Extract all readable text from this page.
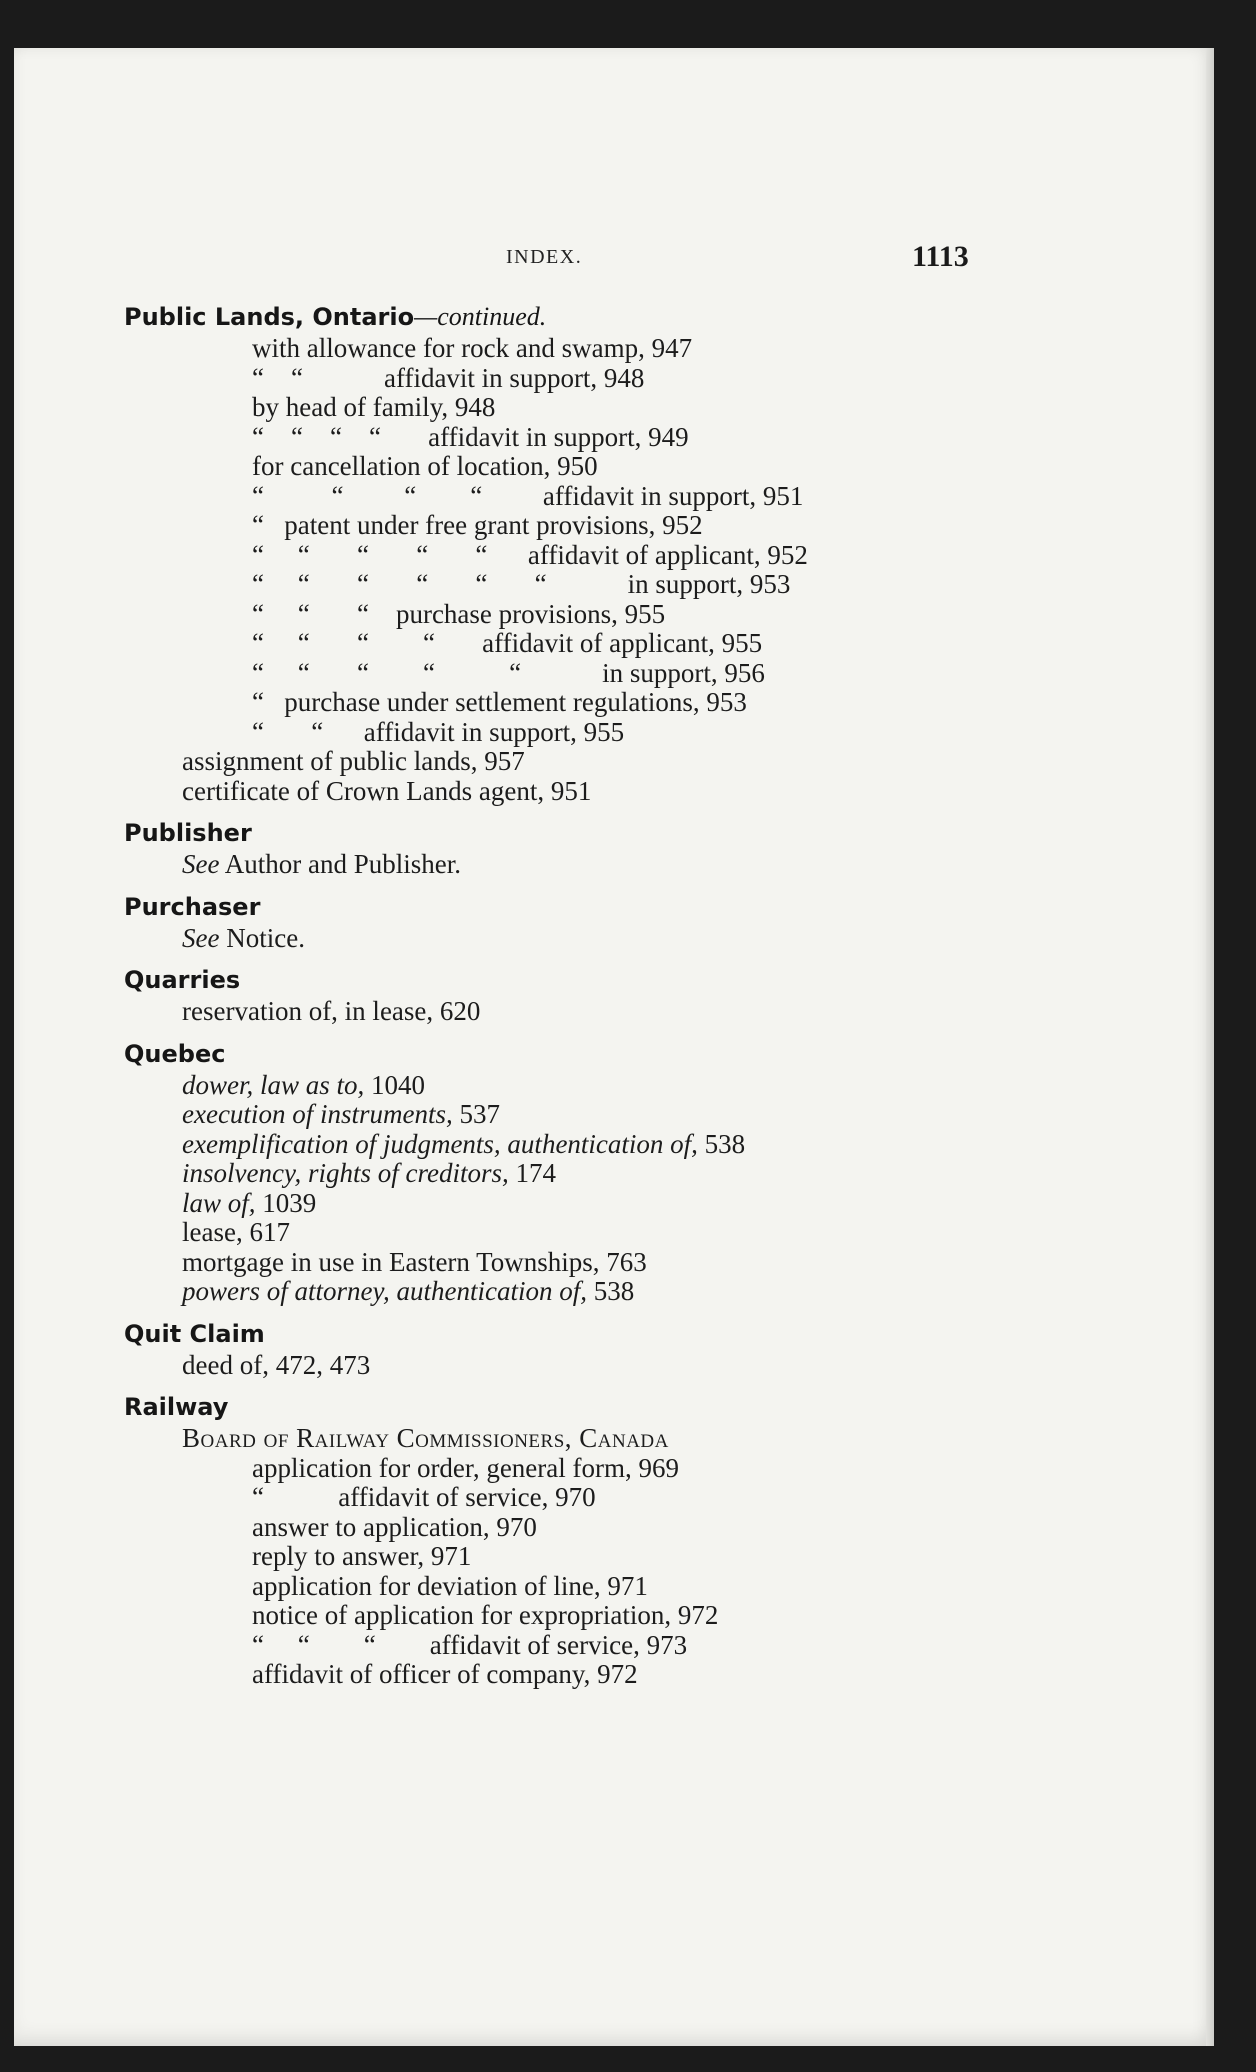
INDEX.	1113
Public Lands, Ontario—continued.
with allowance for rock and swamp, 947
“    “            affidavit in support, 948
by head of family, 948
“    “    “    “       affidavit in support, 949
for cancellation of location, 950
“          “         “        “         affidavit in support, 951
“   patent under free grant provisions, 952
“     “       “       “       “      affidavit of applicant, 952
“     “       “       “       “       “            in support, 953
“     “       “    purchase provisions, 955
“     “       “        “       affidavit of applicant, 955
“     “       “        “           “            in support, 956
“   purchase under settlement regulations, 953
“       “      affidavit in support, 955
assignment of public lands, 957
certificate of Crown Lands agent, 951
Publisher
See Author and Publisher.
Purchaser
See Notice.
Quarries
reservation of, in lease, 620
Quebec
dower, law as to, 1040
execution of instruments, 537
exemplification of judgments, authentication of, 538
insolvency, rights of creditors, 174
law of, 1039
lease, 617
mortgage in use in Eastern Townships, 763
powers of attorney, authentication of, 538
Quit Claim
deed of, 472, 473
Railway
Board of Railway Commissioners, Canada
application for order, general form, 969
“           affidavit of service, 970
answer to application, 970
reply to answer, 971
application for deviation of line, 971
notice of application for expropriation, 972
“     “        “        affidavit of service, 973
affidavit of officer of company, 972
